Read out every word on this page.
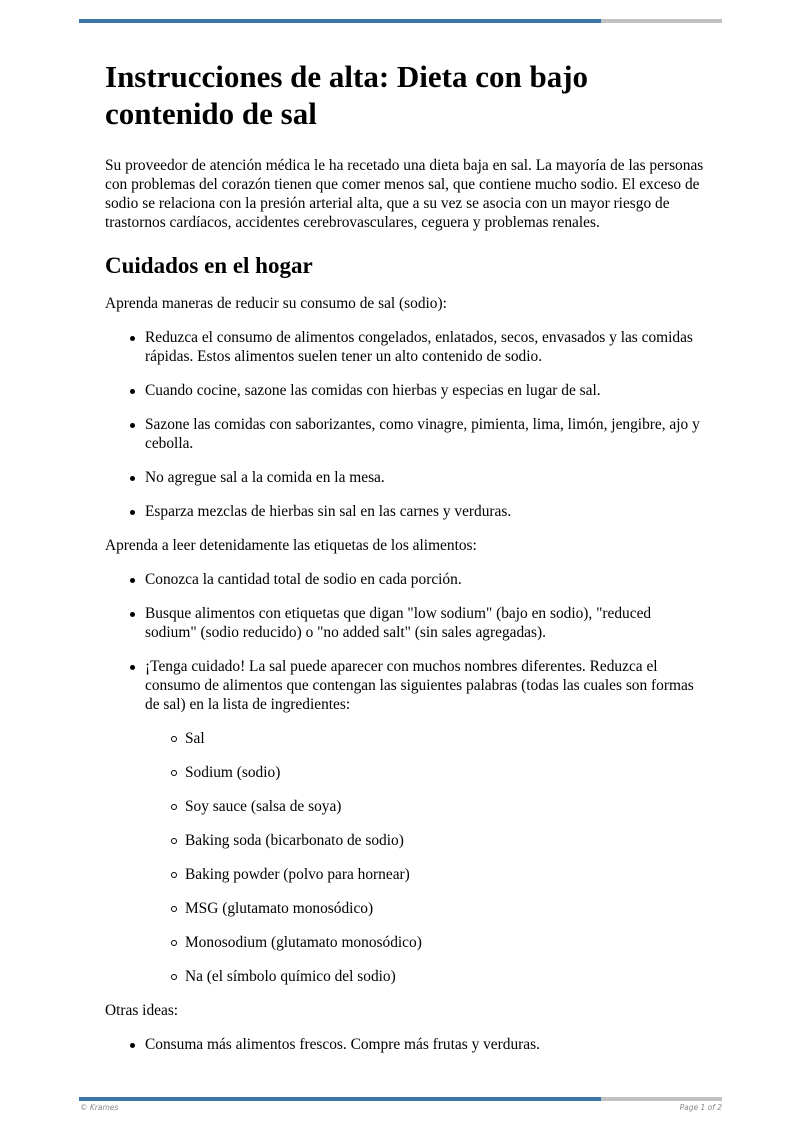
Instrucciones de alta: Dieta con bajo contenido de sal

Su proveedor de atención médica le ha recetado una dieta baja en sal. La mayoría de las personas con problemas del corazón tienen que comer menos sal, que contiene mucho sodio. El exceso de sodio se relaciona con la presión arterial alta, que a su vez se asocia con un mayor riesgo de trastornos cardíacos, accidentes cerebrovasculares, ceguera y problemas renales.

Cuidados en el hogar

Aprenda maneras de reducir su consumo de sal (sodio):

Reduzca el consumo de alimentos congelados, enlatados, secos, envasados y las comidas rápidas. Estos alimentos suelen tener un alto contenido de sodio.
Cuando cocine, sazone las comidas con hierbas y especias en lugar de sal.
Sazone las comidas con saborizantes, como vinagre, pimienta, lima, limón, jengibre, ajo y cebolla.
No agregue sal a la comida en la mesa.
Esparza mezclas de hierbas sin sal en las carnes y verduras.

Aprenda a leer detenidamente las etiquetas de los alimentos:

Conozca la cantidad total de sodio en cada porción.
Busque alimentos con etiquetas que digan "low sodium" (bajo en sodio), "reduced sodium" (sodio reducido) o "no added salt" (sin sales agregadas).
¡Tenga cuidado! La sal puede aparecer con muchos nombres diferentes. Reduzca el consumo de alimentos que contengan las siguientes palabras (todas las cuales son formas de sal) en la lista de ingredientes:
Sal
Sodium (sodio)
Soy sauce (salsa de soya)
Baking soda (bicarbonato de sodio)
Baking powder (polvo para hornear)
MSG (glutamato monosódico)
Monosodium (glutamato monosódico)
Na (el símbolo químico del sodio)

Otras ideas:

Consuma más alimentos frescos. Compre más frutas y verduras.
© Krames	Page 1 of 2
